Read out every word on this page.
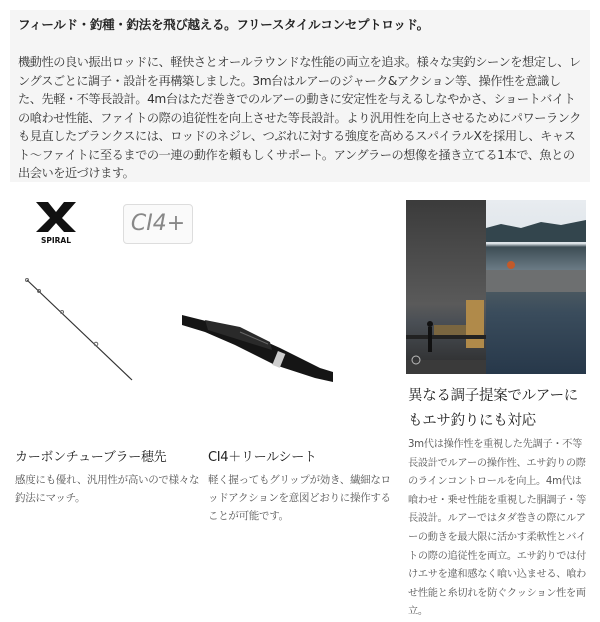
フィールド・釣種・釣法を飛び越える。フリースタイルコンセプトロッド。

機動性の良い振出ロッドに、軽快さとオールラウンドな性能の両立を追求。様々な実釣シーンを想定し、レングスごとに調子・設計を再構築しました。3m台はルアーのジャーク&アクション等、操作性を意識した、先軽・不等長設計。4m台はただ巻きでのルアーの動きに安定性を与えるしなやかさ、ショートバイトの喰わせ性能、ファイトの際の追従性を向上させた等長設計。より汎用性を向上させるためにパワーランクも見直したブランクスには、ロッドのネジレ、つぶれに対する強度を高めるスパイラルXを採用し、キャスト〜ファイトに至るまでの一連の動作を頼もしくサポート。アングラーの想像を掻き立てる1本で、魚との出会いを近づけます。

SPIRAL
CI4+
カーボンチューブラー穂先
感度にも優れ、汎用性が高いので様々な釣法にマッチ。
CI4＋リールシート
軽く握ってもグリップが効き、繊細なロッドアクションを意図どおりに操作することが可能です。
異なる調子提案でルアーにもエサ釣りにも対応
3m代は操作性を重視した先調子・不等長設計でルアーの操作性、エサ釣りの際のラインコントロールを向上。4m代は喰わせ・乗せ性能を重視した胴調子・等長設計。ルアーではタダ巻きの際にルアーの動きを最大限に活かす柔軟性とバイトの際の追従性を両立。エサ釣りでは付けエサを違和感なく喰い込ませる、喰わせ性能と糸切れを防ぐクッション性を両立。
